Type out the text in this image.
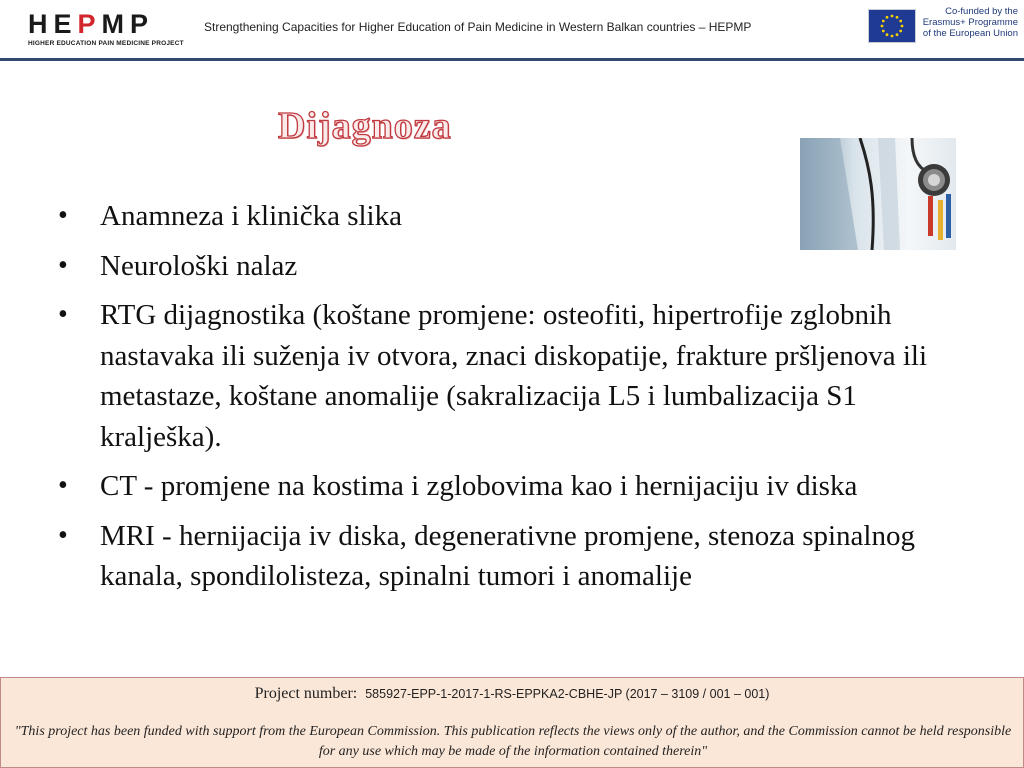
HEPMP
HIGHER EDUCATION PAIN MEDICINE PROJECT
Strengthening Capacities for Higher Education of Pain Medicine in Western Balkan countries – HEPMP
Co-funded by the
Erasmus+ Programme
of the European Union
Dijagnoza
• Anamneza i klinička slika
• Neurološki nalaz
• RTG dijagnostika (koštane promjene: osteofiti, hipertrofije zglobnih nastavaka ili suženja iv otvora, znaci diskopatije, frakture pršljenova ili metastaze, koštane anomalije (sakralizacija L5 i lumbalizacija S1 kralješka).
• CT - promjene na kostima i zglobovima kao i hernijaciju iv diska
• MRI - hernijacija iv diska, degenerativne promjene, stenoza spinalnog kanala, spondilolisteza, spinalni tumori i anomalije
Project number: 585927-EPP-1-2017-1-RS-EPPKA2-CBHE-JP (2017 – 3109 / 001 – 001)
"This project has been funded with support from the European Commission. This publication reflects the views only of the author, and the Commission cannot be held responsible for any use which may be made of the information contained therein"
